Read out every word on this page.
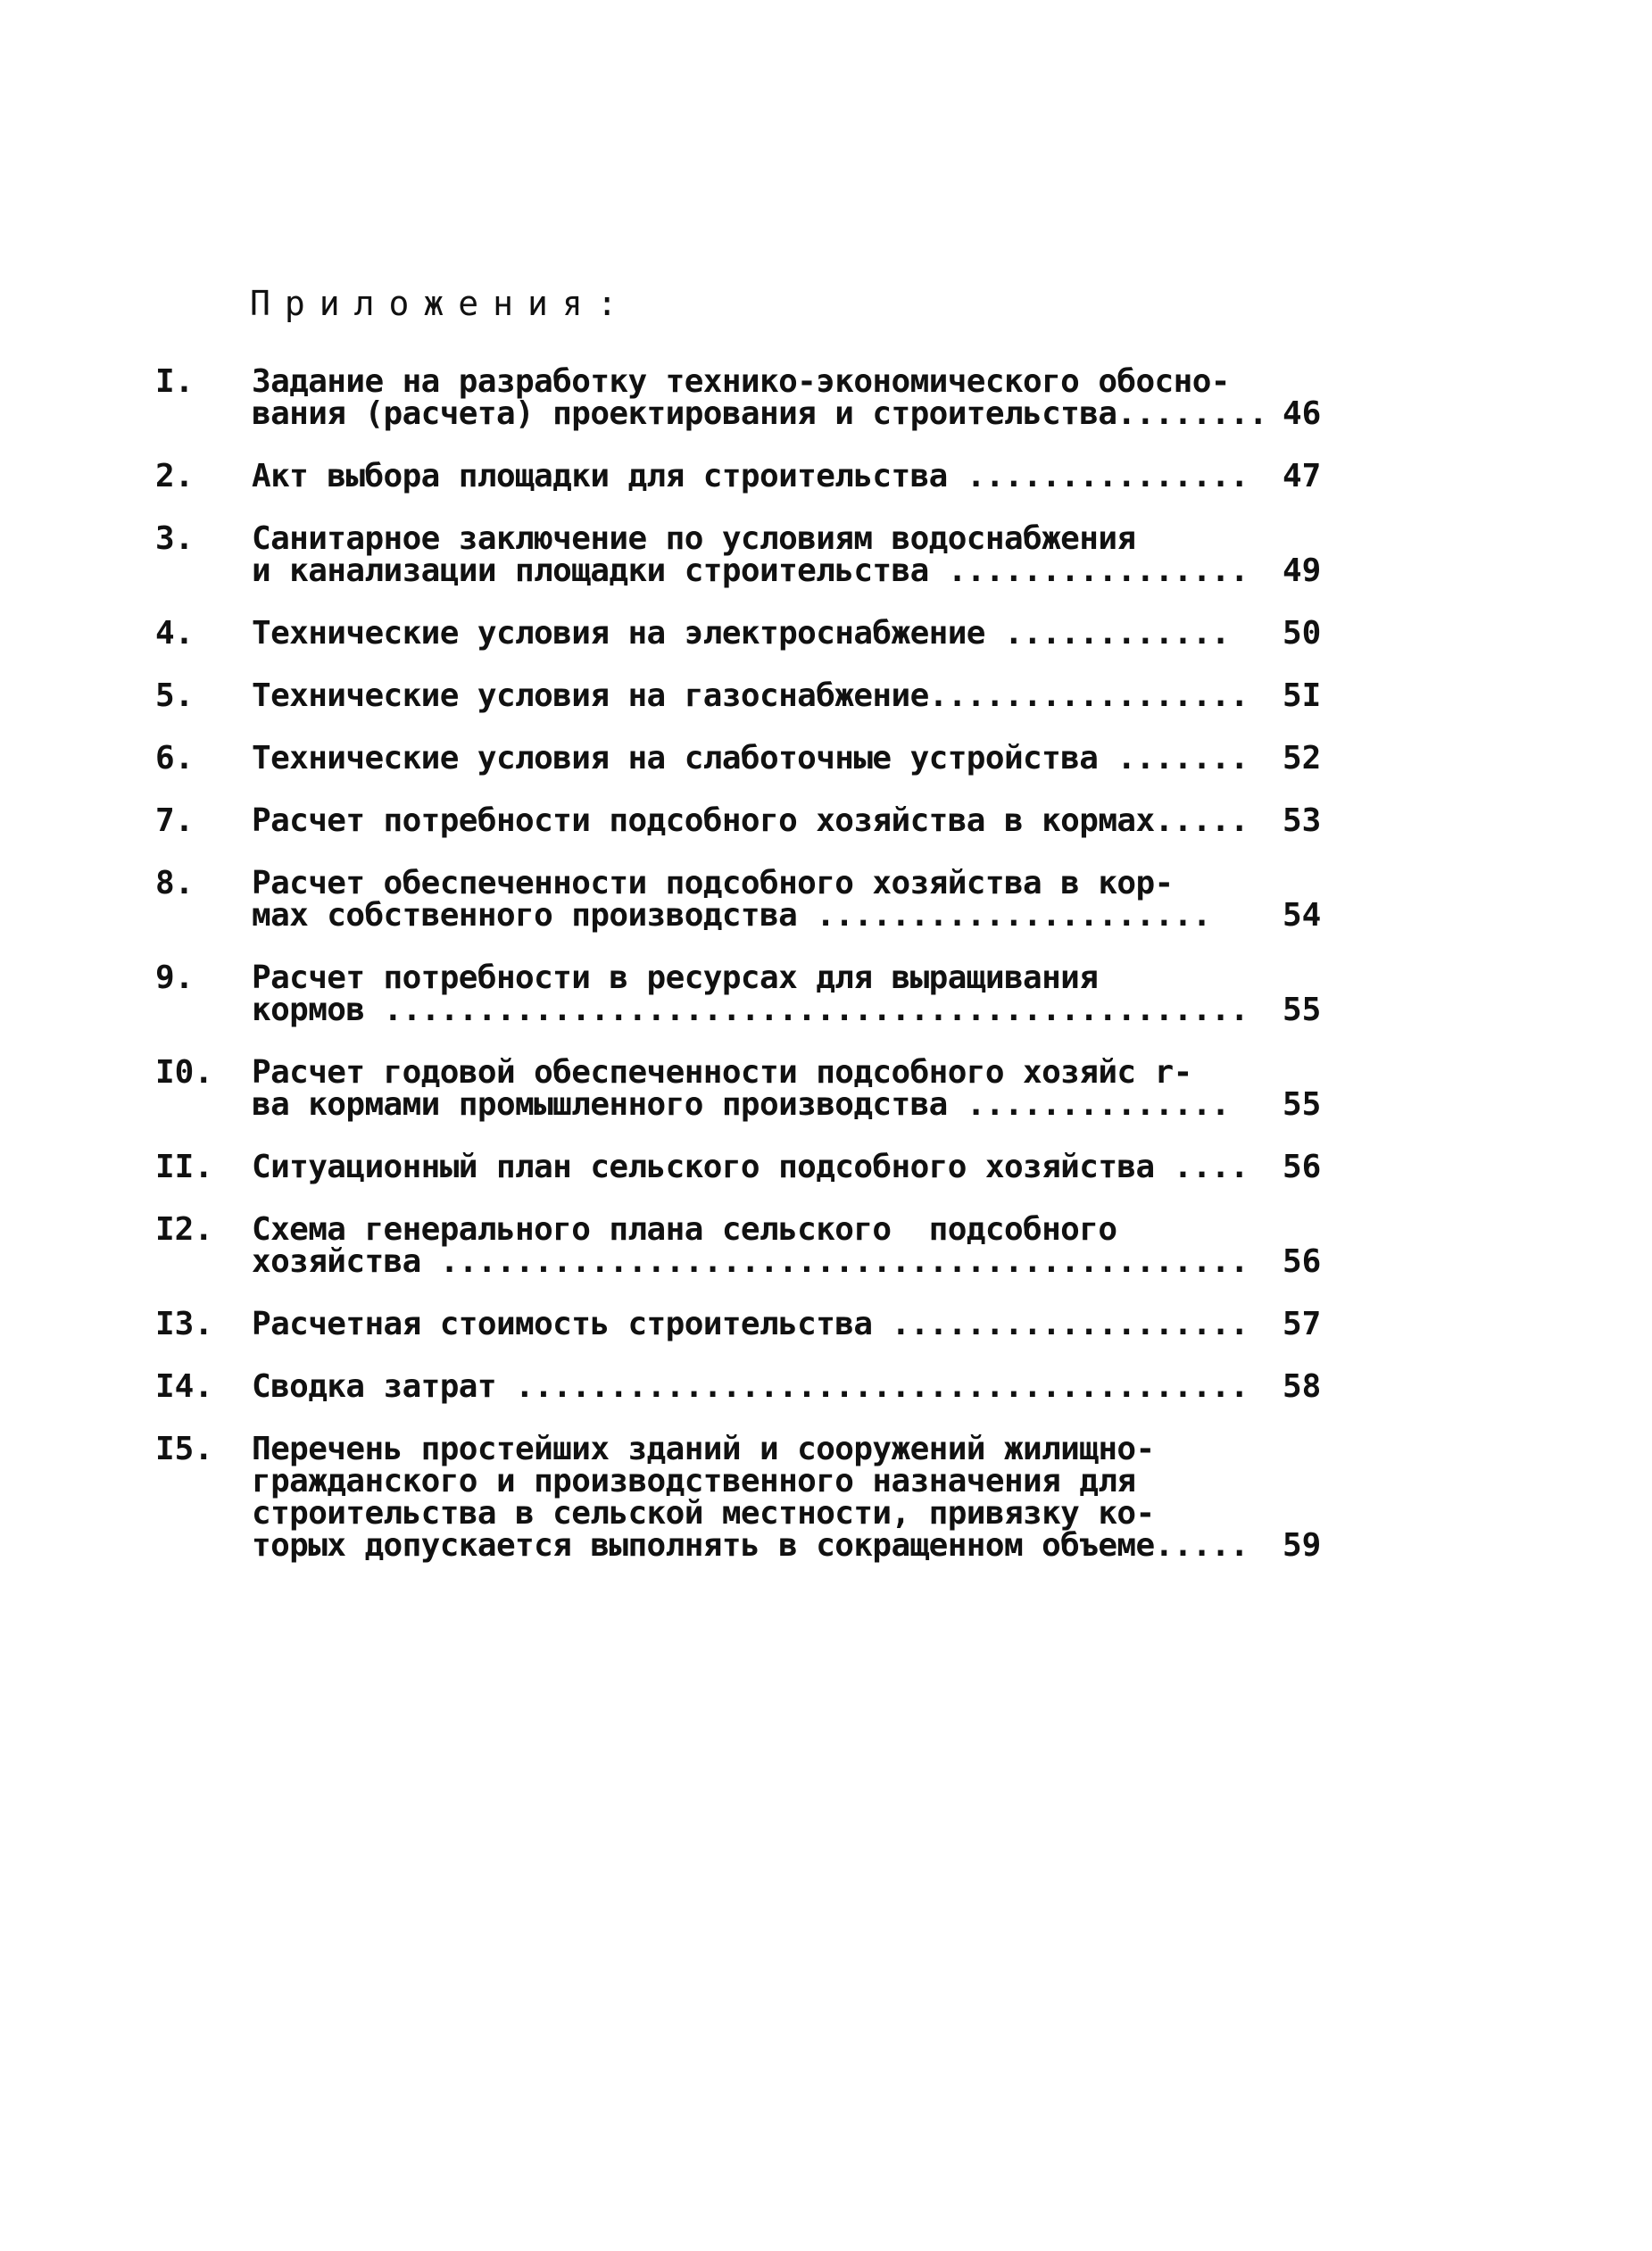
Приложения:
I.	Задание на разработку технико-экономического обосно-
вания (расчета) проектирования и строительства........ 46
2.	Акт выбора площадки для строительства ...............	47
3.	Санитарное заключение по условиям водоснабжения
и канализации площадки строительства ................	49
4.	Технические условия на электроснабжение ............	50
5.	Технические условия на газоснабжение.................	5I
6.	Технические условия на слаботочные устройства .......	52
7.	Расчет потребности подсобного хозяйства в кормах.....	53
8.	Расчет обеспеченности подсобного хозяйства в кор-
мах собственного производства .....................	54
9.	Расчет потребности в ресурсах для выращивания
кормов ..............................................	55
I0.	Расчет годовой обеспеченности подсобного хозяйс r-
ва кормами промышленного производства ..............	55
II.	Ситуационный план сельского подсобного хозяйства ....	56
I2.	Схема генерального плана сельского  подсобного
хозяйства ...........................................	56
I3.	Расчетная стоимость строительства ...................	57
I4.	Сводка затрат .......................................	58
I5.	Перечень простейших зданий и сооружений жилищно-
гражданского и производственного назначения для
строительства в сельской местности, привязку ко-
торых допускается выполнять в сокращенном объеме.....	59
